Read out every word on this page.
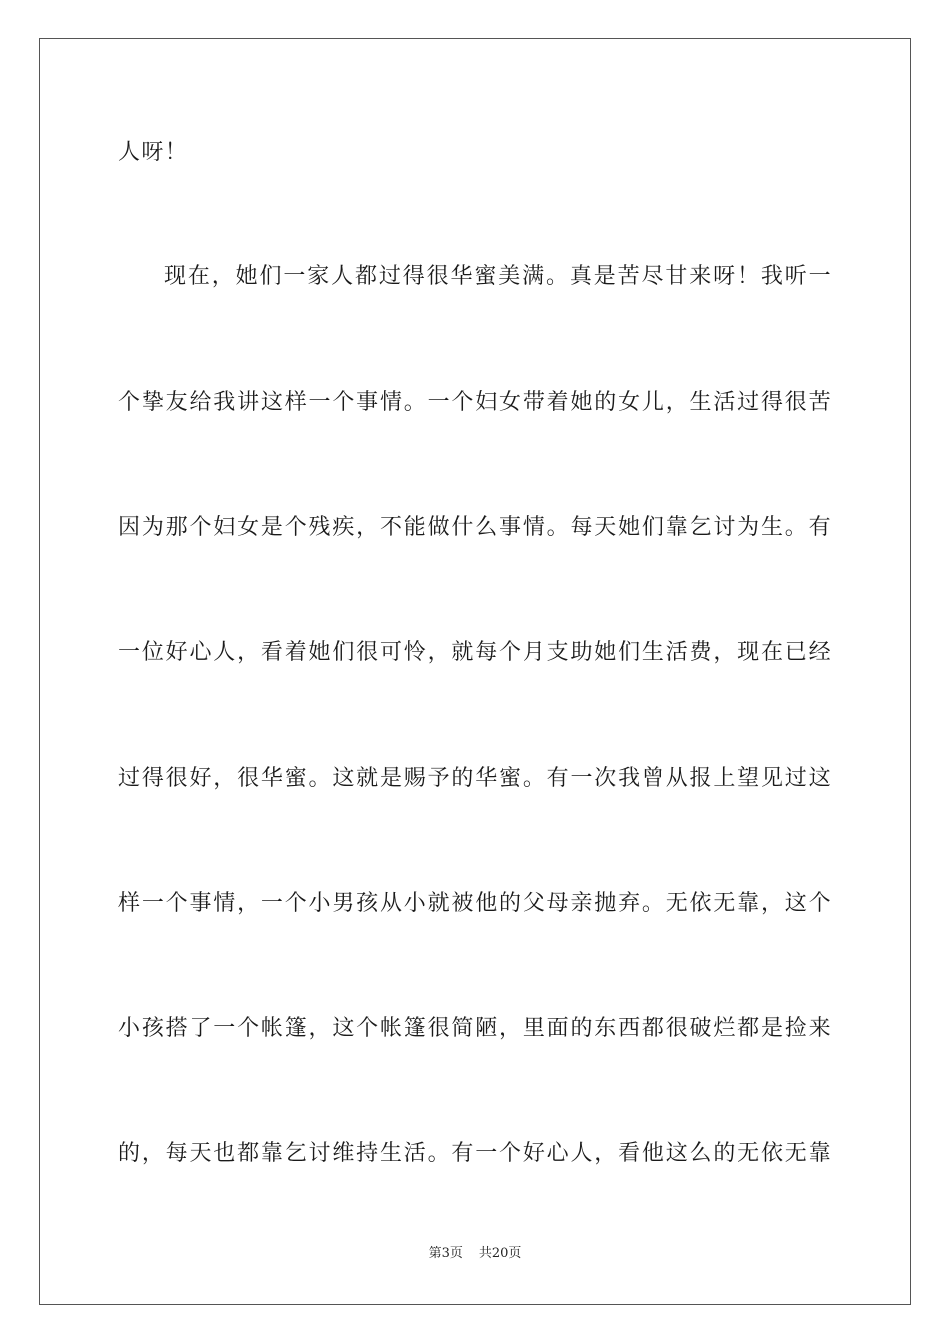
人呀！
现在，她们一家人都过得很华蜜美满。真是苦尽甘来呀！我听一
个挚友给我讲这样一个事情。一个妇女带着她的女儿，生活过得很苦
因为那个妇女是个残疾，不能做什么事情。每天她们靠乞讨为生。有
一位好心人，看着她们很可怜，就每个月支助她们生活费，现在已经
过得很好，很华蜜。这就是赐予的华蜜。有一次我曾从报上望见过这
样一个事情，一个小男孩从小就被他的父母亲抛弃。无依无靠，这个
小孩搭了一个帐篷，这个帐篷很简陋，里面的东西都很破烂都是捡来
的，每天也都靠乞讨维持生活。有一个好心人，看他这么的无依无靠
第3页 共20页
